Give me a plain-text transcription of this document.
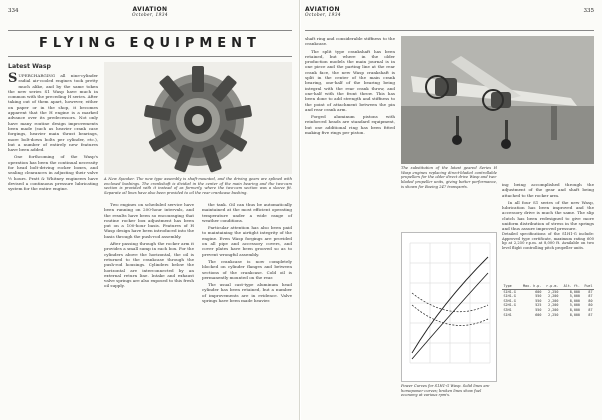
334	AVIATION
October, 1934
FLYING EQUIPMENT
Latest Wasp

SUPERCHARGING all nine-cylinder radial air-cooled engines took pretty much alike, and by the same token the new series S1 Wasp have much in common with the preceding H series. After taking out of them apart, however, either on paper or in the shop, it becomes apparent that the H engine is a marked advance over its predecessors. Not only have many routine design improvements been made (such as heavier crank case forgings, heavier main thrust bearings, more bolt-down bolts per cylinder, etc.), but a number of entirely new features have been added.

One forthcoming of the Wasp's operation has been the continual necessity for head bolt-driving rocker boxes, and sealing clearances in adjusting their valve ½ hours. Pratt & Whitney engineers have devised a continuous pressure lubricating system for the entire engine.

A New Speaker. The new type assembly is shaft-mounted, and the driving gears are splined with enclosed bushings. The crankshaft is divided in the center of the main bearing and the two-cam section is provided with it instead of as formerly, where the two-cam section was a sleeve fit. Separate oil lines have also been provided to oil the rear crankcase bushing.

Two engines on scheduled service have been running on 200-hour intervals, and the results have been so encouraging that routine rocker box adjustment has been put on a 100-hour basis. Features of H Wasp design have been introduced into the basis through the push-rod assembly.

After passing through the rocker arm it provides a small sump in each box. For the cylinders above the horizontal, the oil is returned to the crankcase through the push-rod housings. Cylinders below the horizontal are interconnected by an external return line. Intake and exhaust valve springs are also exposed to this fresh oil supply.

the tank. Oil can thus be automatically maintained at the most efficient operating temperature under a wide range of weather conditions.

Particular attention has also been paid to maintaining the airtight integrity of the engine. Even Wasp forgings are provided on all pipe and accessory covers, and cover plates have been grooved so as to prevent wrongful assembly.

The crankcase is now completely blocked on cylinder flanges and between sections of the crankcase. Cold oil is permanently mounted on the rear.

The usual cast-type aluminum head cylinder has been retained, but a number of improvements are in evidence. Valve springs have been made heavier.

AVIATION
October, 1934
335

shaft ring and considerable stiffness to the crankcase.

The split type crankshaft has been retained, but where in the older production models the main journal is in one piece and the parting line at the rear crank face, the new Wasp crankshaft is split in the center of the main crank bearing, one-half of the bearing being integral with the rear crank throw, and one-half with the front throw. This has been done to add strength and stiffness to the point of attachment between the pin and rear crank arm.

Forged aluminum pistons with reinforced heads are standard equipment, but one additional ring has been fitted making five rings per piston.

ing being accomplished through the adjustment of the gear and shaft being attached to the rocker arm.

In all four S1 series of the new Wasp, lubrication has been improved and the accessory drive is much the same. The slip clutch has been redesigned to give more uniform distribution of stress in the springs and thus assure improved pressure.

The substitution of the latest geared Series H Wasp engines replacing direct-bladed controllable propellers for the older direct drive Wasp and two-bladed propeller units, giving better performance, is shown for Boeing 247 transports.
Power Curves for S1H1-G Wasp. Solid lines are horsepower curves; broken lines show fuel economy at various rpm's.
Detailed specifications of the S1H1-G include: Approved type certificate, maximum rating 600 hp at 2,250 r.p.m. at 8,000 ft. Available on two level flight controlling pitch propeller units.
Type	Max. h.p.	r.p.m.	Alt. ft.	Fuel
S1H1-G	600	2,250	8,000	87
S1H1-G	550	2,200	5,000	87
S3H1-G	550	2,200	8,000	80
S2H1-G	525	2,200	5,000	80
S3H1	550	2,200	8,000	87
S1H1	600	2,250	8,000	87
